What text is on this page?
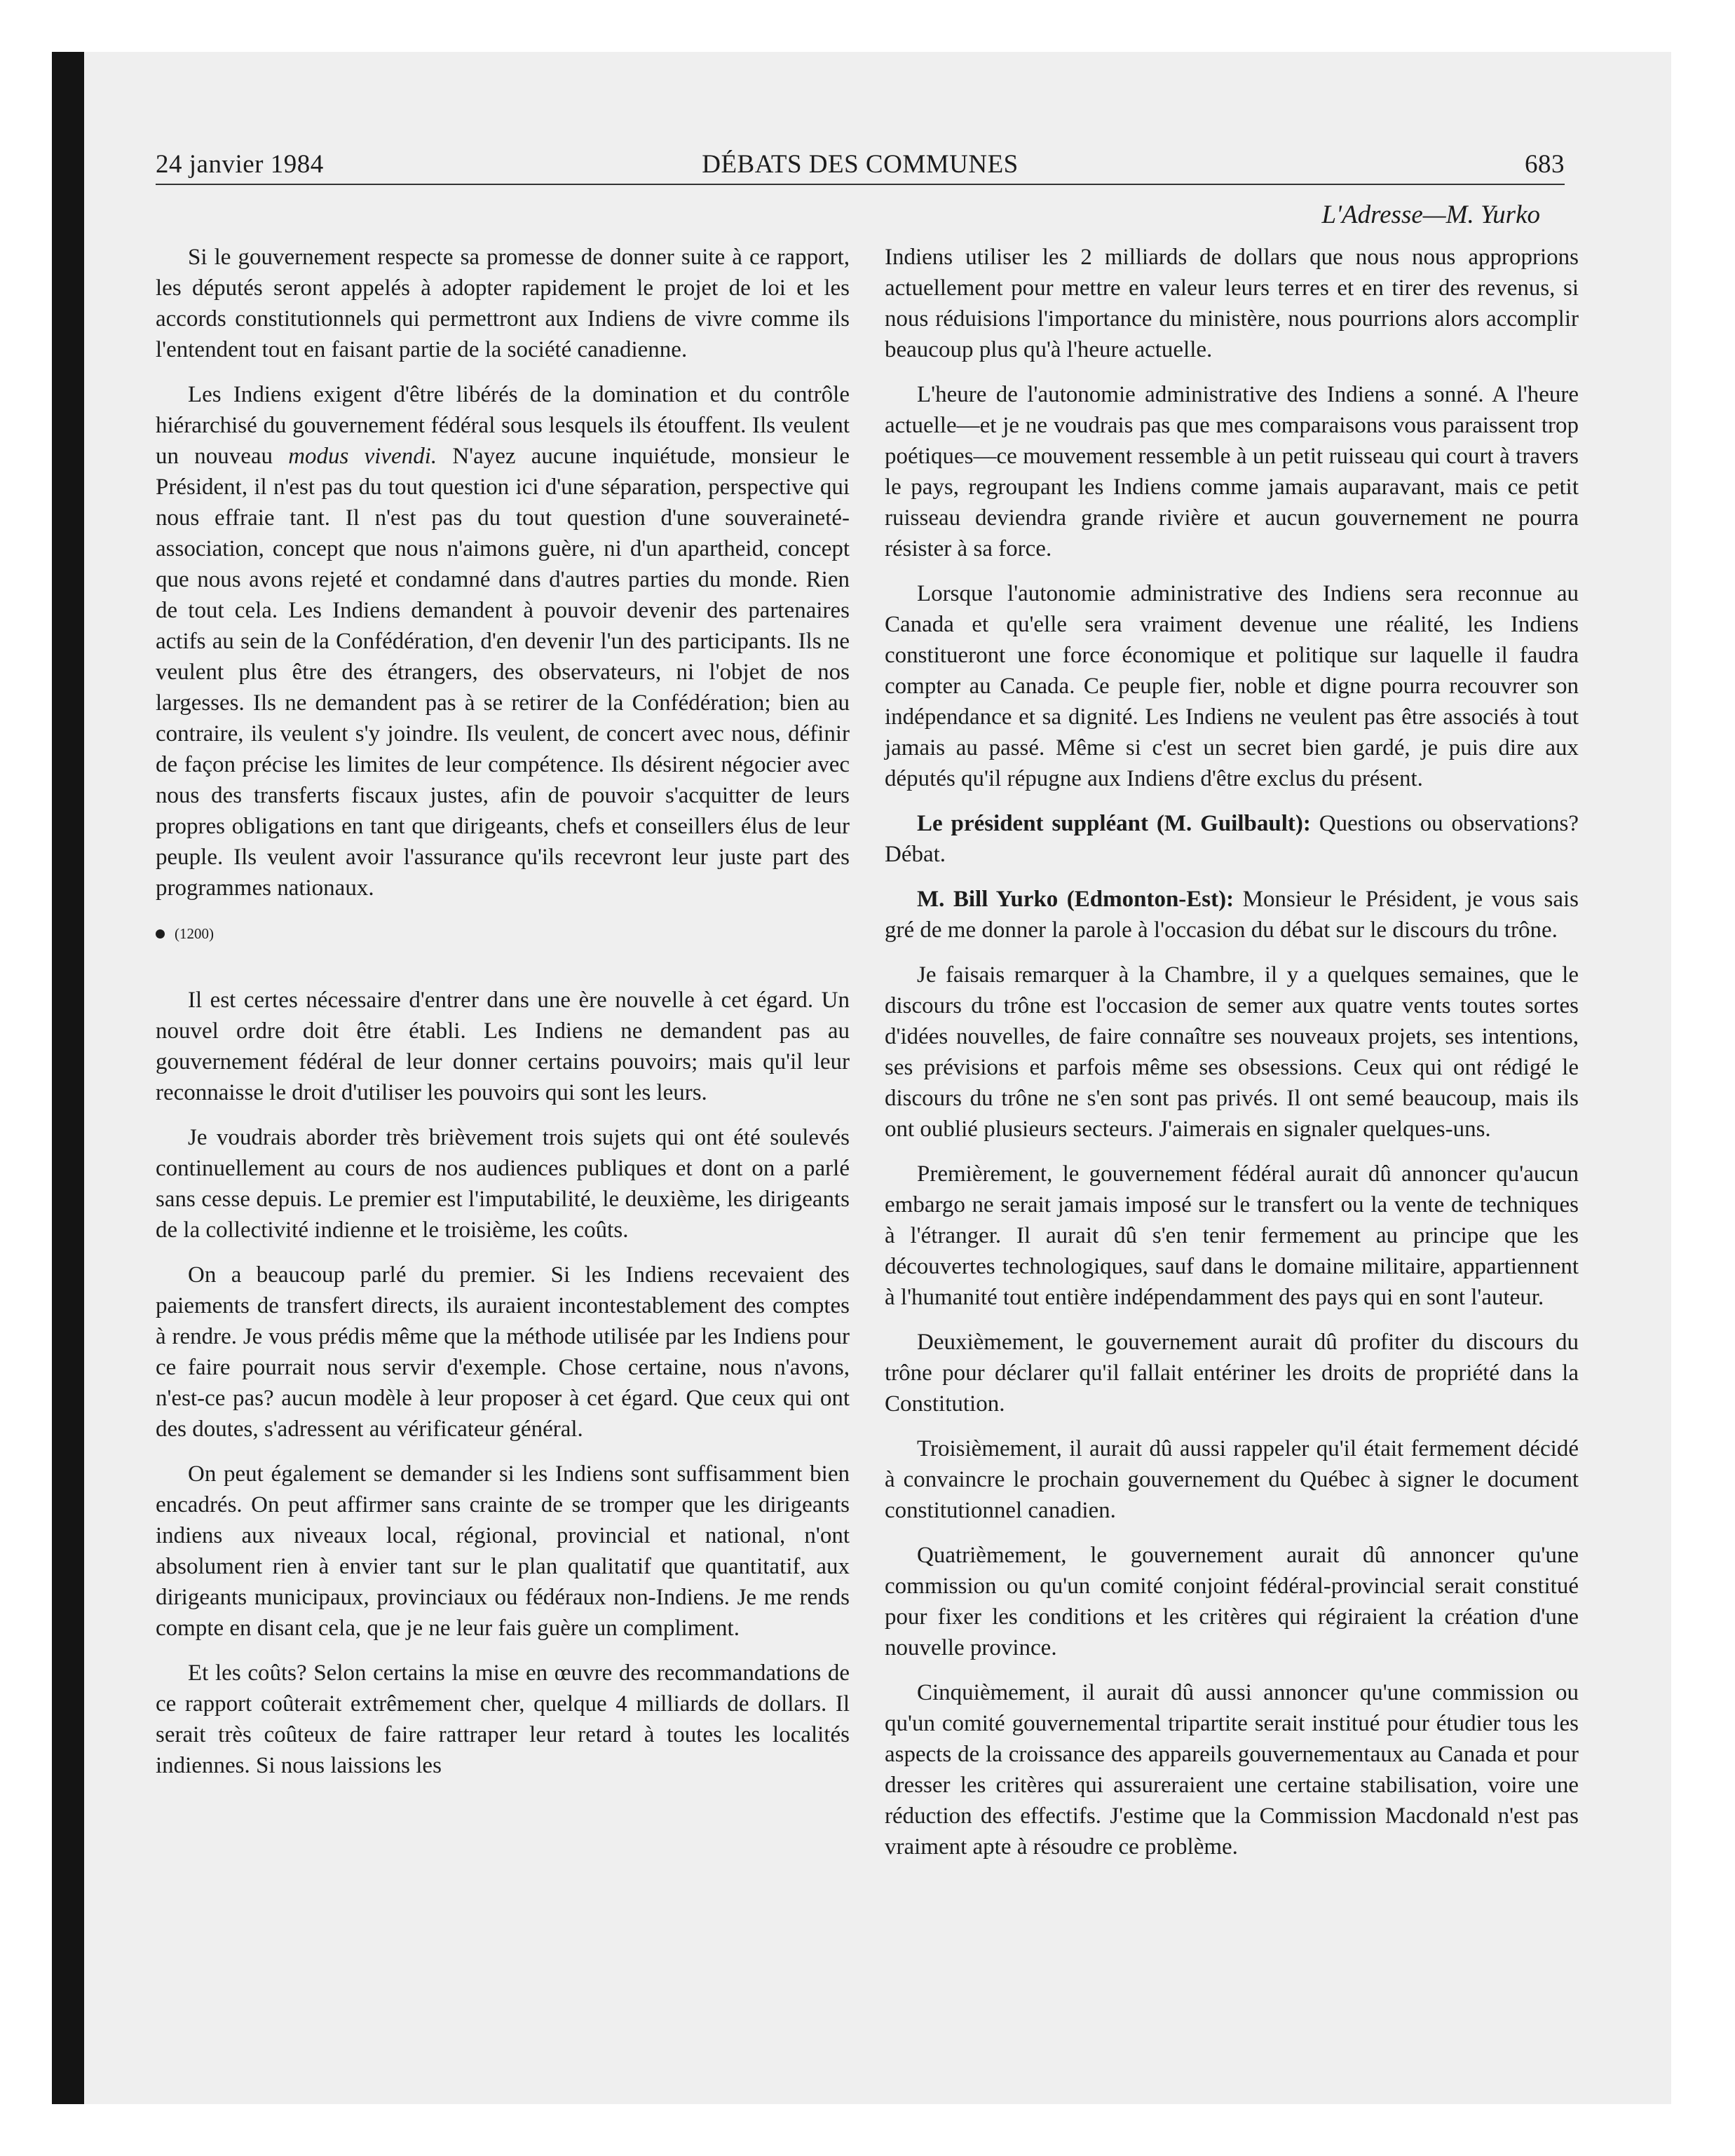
24 janvier 1984	DÉBATS DES COMMUNES	683
L'Adresse—M. Yurko

Si le gouvernement respecte sa promesse de donner suite à ce rapport, les députés seront appelés à adopter rapidement le projet de loi et les accords constitutionnels qui permettront aux Indiens de vivre comme ils l'entendent tout en faisant partie de la société canadienne.

Les Indiens exigent d'être libérés de la domination et du contrôle hiérarchisé du gouvernement fédéral sous lesquels ils étouffent. Ils veulent un nouveau modus vivendi. N'ayez aucune inquiétude, monsieur le Président, il n'est pas du tout question ici d'une séparation, perspective qui nous effraie tant. Il n'est pas du tout question d'une souveraineté-association, concept que nous n'aimons guère, ni d'un apartheid, concept que nous avons rejeté et condamné dans d'autres parties du monde. Rien de tout cela. Les Indiens demandent à pouvoir devenir des partenaires actifs au sein de la Confédération, d'en devenir l'un des participants. Ils ne veulent plus être des étrangers, des observateurs, ni l'objet de nos largesses. Ils ne demandent pas à se retirer de la Confédération; bien au contraire, ils veulent s'y joindre. Ils veulent, de concert avec nous, définir de façon précise les limites de leur compétence. Ils désirent négocier avec nous des transferts fiscaux justes, afin de pouvoir s'acquitter de leurs propres obligations en tant que dirigeants, chefs et conseillers élus de leur peuple. Ils veulent avoir l'assurance qu'ils recevront leur juste part des programmes nationaux.

(1200)

Il est certes nécessaire d'entrer dans une ère nouvelle à cet égard. Un nouvel ordre doit être établi. Les Indiens ne demandent pas au gouvernement fédéral de leur donner certains pouvoirs; mais qu'il leur reconnaisse le droit d'utiliser les pouvoirs qui sont les leurs.

Je voudrais aborder très brièvement trois sujets qui ont été soulevés continuellement au cours de nos audiences publiques et dont on a parlé sans cesse depuis. Le premier est l'imputabilité, le deuxième, les dirigeants de la collectivité indienne et le troisième, les coûts.

On a beaucoup parlé du premier. Si les Indiens recevaient des paiements de transfert directs, ils auraient incontestablement des comptes à rendre. Je vous prédis même que la méthode utilisée par les Indiens pour ce faire pourrait nous servir d'exemple. Chose certaine, nous n'avons, n'est-ce pas? aucun modèle à leur proposer à cet égard. Que ceux qui ont des doutes, s'adressent au vérificateur général.

On peut également se demander si les Indiens sont suffisamment bien encadrés. On peut affirmer sans crainte de se tromper que les dirigeants indiens aux niveaux local, régional, provincial et national, n'ont absolument rien à envier tant sur le plan qualitatif que quantitatif, aux dirigeants municipaux, provinciaux ou fédéraux non-Indiens. Je me rends compte en disant cela, que je ne leur fais guère un compliment.

Et les coûts? Selon certains la mise en œuvre des recommandations de ce rapport coûterait extrêmement cher, quelque 4 milliards de dollars. Il serait très coûteux de faire rattraper leur retard à toutes les localités indiennes. Si nous laissions les

Indiens utiliser les 2 milliards de dollars que nous nous approprions actuellement pour mettre en valeur leurs terres et en tirer des revenus, si nous réduisions l'importance du ministère, nous pourrions alors accomplir beaucoup plus qu'à l'heure actuelle.

L'heure de l'autonomie administrative des Indiens a sonné. A l'heure actuelle—et je ne voudrais pas que mes comparaisons vous paraissent trop poétiques—ce mouvement ressemble à un petit ruisseau qui court à travers le pays, regroupant les Indiens comme jamais auparavant, mais ce petit ruisseau deviendra grande rivière et aucun gouvernement ne pourra résister à sa force.

Lorsque l'autonomie administrative des Indiens sera reconnue au Canada et qu'elle sera vraiment devenue une réalité, les Indiens constitueront une force économique et politique sur laquelle il faudra compter au Canada. Ce peuple fier, noble et digne pourra recouvrer son indépendance et sa dignité. Les Indiens ne veulent pas être associés à tout jamais au passé. Même si c'est un secret bien gardé, je puis dire aux députés qu'il répugne aux Indiens d'être exclus du présent.

Le président suppléant (M. Guilbault): Questions ou observations? Débat.

M. Bill Yurko (Edmonton-Est): Monsieur le Président, je vous sais gré de me donner la parole à l'occasion du débat sur le discours du trône.

Je faisais remarquer à la Chambre, il y a quelques semaines, que le discours du trône est l'occasion de semer aux quatre vents toutes sortes d'idées nouvelles, de faire connaître ses nouveaux projets, ses intentions, ses prévisions et parfois même ses obsessions. Ceux qui ont rédigé le discours du trône ne s'en sont pas privés. Il ont semé beaucoup, mais ils ont oublié plusieurs secteurs. J'aimerais en signaler quelques-uns.

Premièrement, le gouvernement fédéral aurait dû annoncer qu'aucun embargo ne serait jamais imposé sur le transfert ou la vente de techniques à l'étranger. Il aurait dû s'en tenir fermement au principe que les découvertes technologiques, sauf dans le domaine militaire, appartiennent à l'humanité tout entière indépendamment des pays qui en sont l'auteur.

Deuxièmement, le gouvernement aurait dû profiter du discours du trône pour déclarer qu'il fallait entériner les droits de propriété dans la Constitution.

Troisièmement, il aurait dû aussi rappeler qu'il était fermement décidé à convaincre le prochain gouvernement du Québec à signer le document constitutionnel canadien.

Quatrièmement, le gouvernement aurait dû annoncer qu'une commission ou qu'un comité conjoint fédéral-provincial serait constitué pour fixer les conditions et les critères qui régiraient la création d'une nouvelle province.

Cinquièmement, il aurait dû aussi annoncer qu'une commission ou qu'un comité gouvernemental tripartite serait institué pour étudier tous les aspects de la croissance des appareils gouvernementaux au Canada et pour dresser les critères qui assureraient une certaine stabilisation, voire une réduction des effectifs. J'estime que la Commission Macdonald n'est pas vraiment apte à résoudre ce problème.
